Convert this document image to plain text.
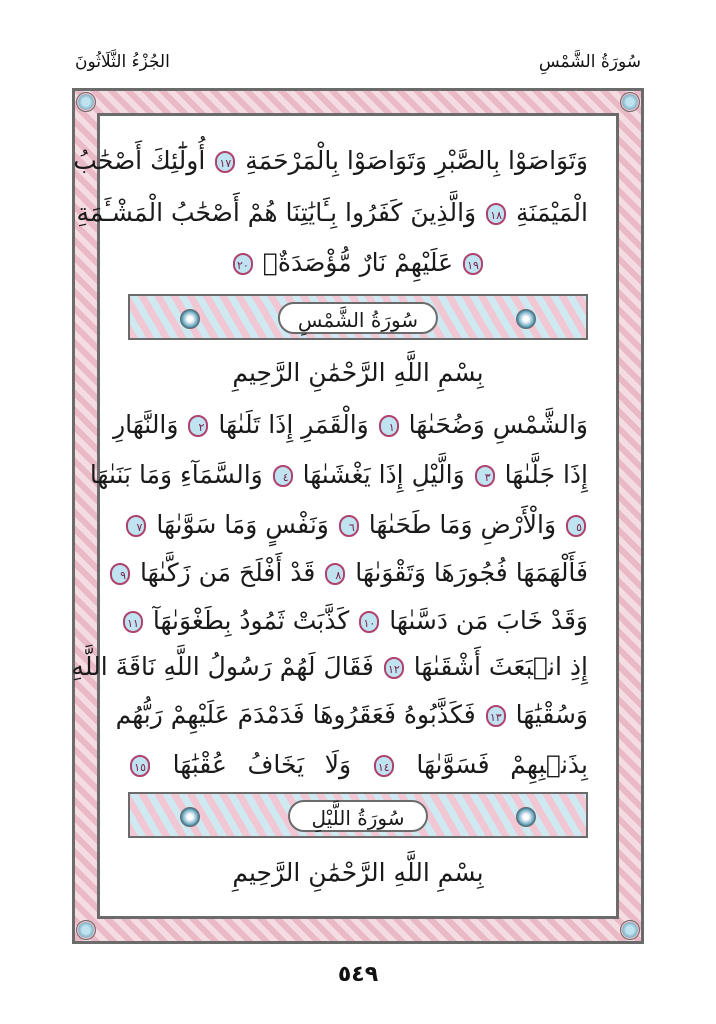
سُورَةُ الشَّمْسِ
الجُزْءُ الثَّلَاثُونَ
وَتَوَاصَوْا بِالصَّبْرِ وَتَوَاصَوْا بِالْمَرْحَمَةِ ١٧ أُولَٰٓئِكَ أَصْحَٰبُ
الْمَيْمَنَةِ ١٨ وَالَّذِينَ كَفَرُوا بِـَٔايَٰتِنَا هُمْ أَصْحَٰبُ الْمَشْـَٔمَةِ
١٩ عَلَيْهِمْ نَارٌ مُّؤْصَدَةٌۢ ٢٠
سُورَةُ الشَّمْسِ
بِسْمِ اللَّهِ الرَّحْمَٰنِ الرَّحِيمِ
وَالشَّمْسِ وَضُحَىٰهَا ١ وَالْقَمَرِ إِذَا تَلَىٰهَا ٢ وَالنَّهَارِ
إِذَا جَلَّىٰهَا ٣ وَالَّيْلِ إِذَا يَغْشَىٰهَا ٤ وَالسَّمَآءِ وَمَا بَنَىٰهَا
٥ وَالْأَرْضِ وَمَا طَحَىٰهَا ٦ وَنَفْسٍ وَمَا سَوَّىٰهَا ٧
فَأَلْهَمَهَا فُجُورَهَا وَتَقْوَىٰهَا ٨ قَدْ أَفْلَحَ مَن زَكَّىٰهَا ٩
وَقَدْ خَابَ مَن دَسَّىٰهَا ١٠ كَذَّبَتْ ثَمُودُ بِطَغْوَىٰهَآ ١١
إِذِ انۢبَعَثَ أَشْقَىٰهَا ١٢ فَقَالَ لَهُمْ رَسُولُ اللَّهِ نَاقَةَ اللَّهِ
وَسُقْيَٰهَا ١٣ فَكَذَّبُوهُ فَعَقَرُوهَا فَدَمْدَمَ عَلَيْهِمْ رَبُّهُم
بِذَنۢبِهِمْ فَسَوَّىٰهَا ١٤ وَلَا يَخَافُ عُقْبَٰهَا ١٥
سُورَةُ اللَّيْلِ
بِسْمِ اللَّهِ الرَّحْمَٰنِ الرَّحِيمِ
٥٤٩
